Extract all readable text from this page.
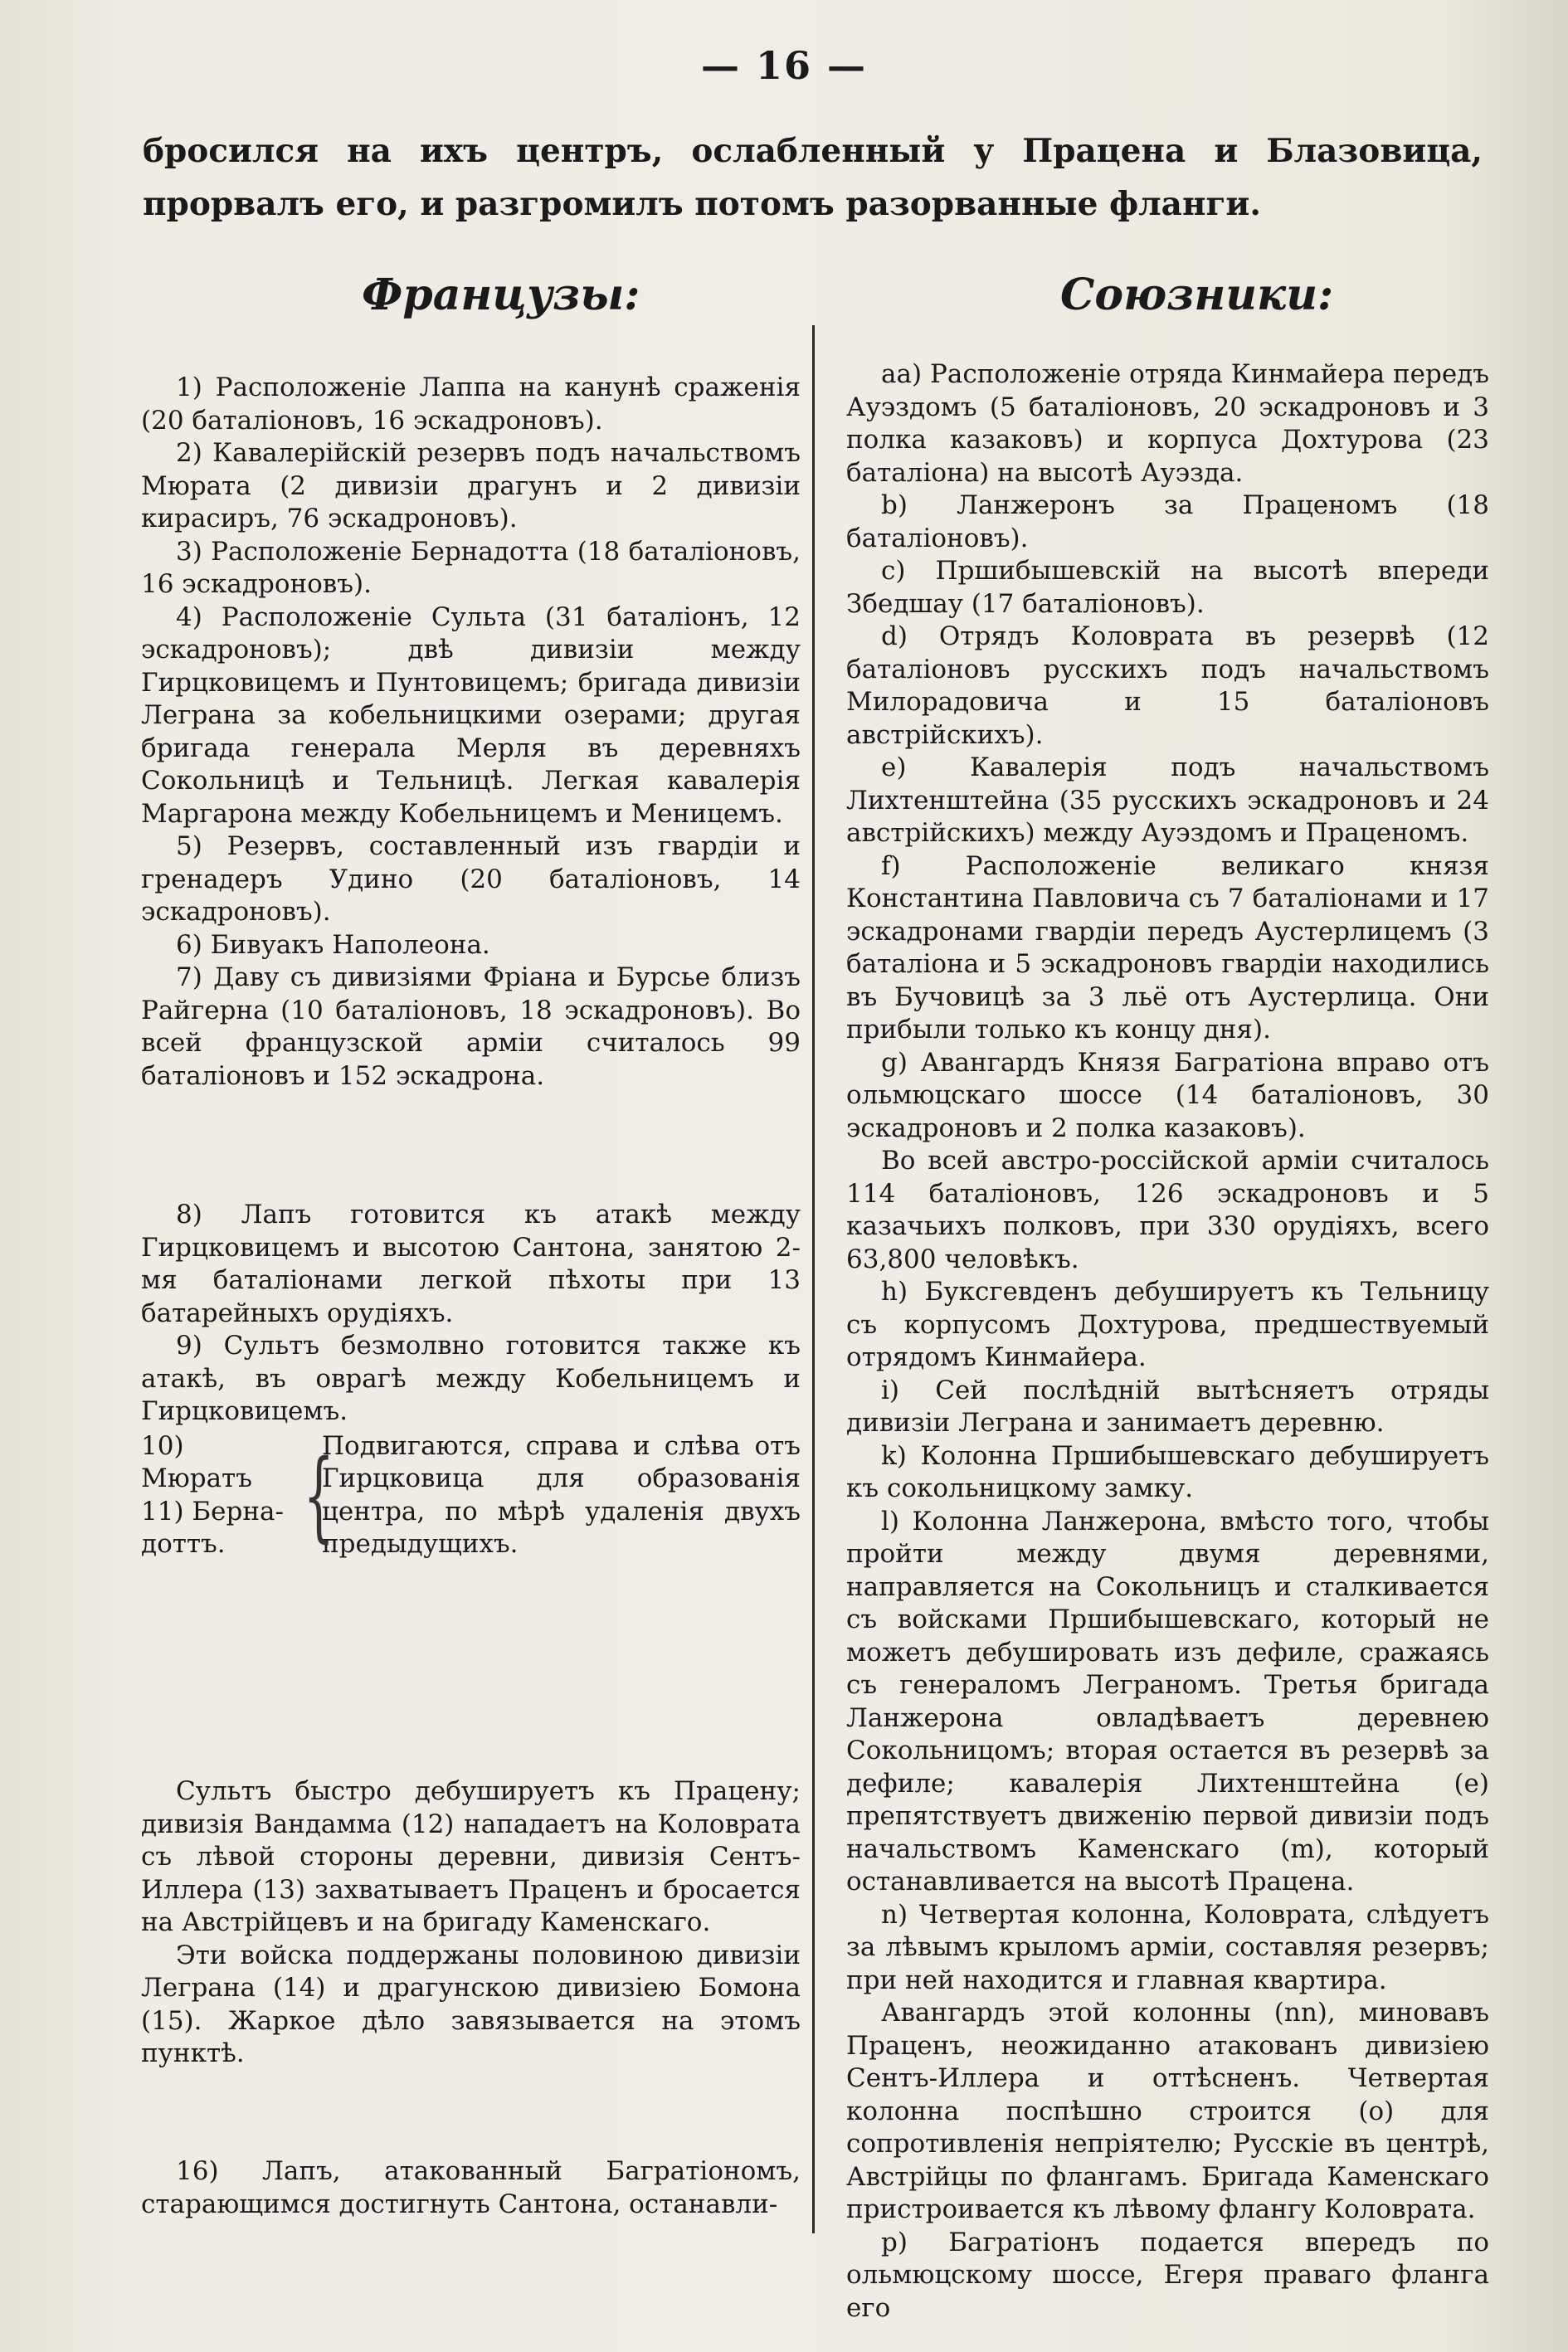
— 16 —
бросился на ихъ центръ, ослабленный у Працена и Блазовица, прорвалъ его, и разгромилъ потомъ разорванные фланги.
Французы:	Союзники:

1) Расположеніе Лаппа на канунѣ сраженія (20 баталіоновъ, 16 эскадроновъ).

2) Кавалерійскій резервъ подъ начальствомъ Мюрата (2 дивизіи драгунъ и 2 дивизіи кирасиръ, 76 эскадроновъ).

3) Расположеніе Бернадотта (18 баталіоновъ, 16 эскадроновъ).

4) Расположеніе Сульта (31 баталіонъ, 12 эскадроновъ); двѣ дивизіи между Гирцковицемъ и Пунтовицемъ; бригада дивизіи Леграна за кобельницкими озерами; другая бригада генерала Мерля въ деревняхъ Сокольницѣ и Тельницѣ. Легкая кавалерія Маргарона между Кобельницемъ и Меницемъ.

5) Резервъ, составленный изъ гвардіи и гренадеръ Удино (20 баталіоновъ, 14 эскадроновъ).

6) Бивуакъ Наполеона.

7) Даву съ дивизіями Фріана и Бурсье близъ Райгерна (10 баталіоновъ, 18 эскадроновъ). Во всей французской арміи считалось 99 баталіоновъ и 152 эскадрона.

8) Лапъ готовится къ атакѣ между Гирцковицемъ и высотою Сантона, занятою 2-мя баталіонами легкой пѣхоты при 13 батарейныхъ орудіяхъ.

9) Сультъ безмолвно готовится также къ атакѣ, въ оврагѣ между Кобельницемъ и Гирцковицемъ.

10) Мюратъ
11) Берна-
доттъ. {
Подвигаются, справа и слѣва отъ Гирцковица для образованія центра, по мѣрѣ удаленія двухъ предыдущихъ.

Сультъ быстро дебушируетъ къ Працену; дивизія Вандамма (12) нападаетъ на Коловрата съ лѣвой стороны деревни, дивизія Сентъ-Иллера (13) захватываетъ Праценъ и бросается на Австрійцевъ и на бригаду Каменскаго.

Эти войска поддержаны половиною дивизіи Леграна (14) и драгунскою дивизіею Бомона (15). Жаркое дѣло завязывается на этомъ пунктѣ.

16) Лапъ, атакованный Багратіономъ, старающимся достигнуть Сантона, останавли-

аа) Расположеніе отряда Кинмайера передъ Ауэздомъ (5 баталіоновъ, 20 эскадроновъ и 3 полка казаковъ) и корпуса Дохтурова (23 баталіона) на высотѣ Ауэзда.

b) Ланжеронъ за Праценомъ (18 баталіоновъ).

c) Пршибышевскій на высотѣ впереди Збедшау (17 баталіоновъ).

d) Отрядъ Коловрата въ резервѣ (12 баталіоновъ русскихъ подъ начальствомъ Милорадовича и 15 баталіоновъ австрійскихъ).

e) Кавалерія подъ начальствомъ Лихтенштейна (35 русскихъ эскадроновъ и 24 австрійскихъ) между Ауэздомъ и Праценомъ.

f) Расположеніе великаго князя Константина Павловича съ 7 баталіонами и 17 эскадронами гвардіи передъ Аустерлицемъ (3 баталіона и 5 эскадроновъ гвардіи находились въ Бучовицѣ за 3 льё отъ Аустерлица. Они прибыли только къ концу дня).

g) Авангардъ Князя Багратіона вправо отъ ольмюцскаго шоссе (14 баталіоновъ, 30 эскадроновъ и 2 полка казаковъ).

Во всей австро-россійской арміи считалось 114 баталіоновъ, 126 эскадроновъ и 5 казачьихъ полковъ, при 330 орудіяхъ, всего 63,800 человѣкъ.

h) Буксгевденъ дебушируетъ къ Тельницу съ корпусомъ Дохтурова, предшествуемый отрядомъ Кинмайера.

i) Сей послѣдній вытѣсняетъ отряды дивизіи Леграна и занимаетъ деревню.

k) Колонна Пршибышевскаго дебушируетъ къ сокольницкому замку.

l) Колонна Ланжерона, вмѣсто того, чтобы пройти между двумя деревнями, направляется на Сокольницъ и сталкивается съ войсками Пршибышевскаго, который не можетъ дебушировать изъ дефиле, сражаясь съ генераломъ Леграномъ. Третья бригада Ланжерона овладѣваетъ деревнею Сокольницомъ; вторая остается въ резервѣ за дефиле; кавалерія Лихтенштейна (e) препятствуетъ движенію первой дивизіи подъ начальствомъ Каменскаго (m), который останавливается на высотѣ Працена.

n) Четвертая колонна, Коловрата, слѣдуетъ за лѣвымъ крыломъ арміи, составляя резервъ; при ней находится и главная квартира.

Авангардъ этой колонны (nn), миновавъ Праценъ, неожиданно атакованъ дивизіею Сентъ-Иллера и оттѣсненъ. Четвертая колонна поспѣшно строится (o) для сопротивленія непріятелю; Русскіе въ центрѣ, Австрійцы по флангамъ. Бригада Каменскаго пристроивается къ лѣвому флангу Коловрата.

p) Багратіонъ подается впередъ по ольмюцскому шоссе, Егеря праваго фланга его
